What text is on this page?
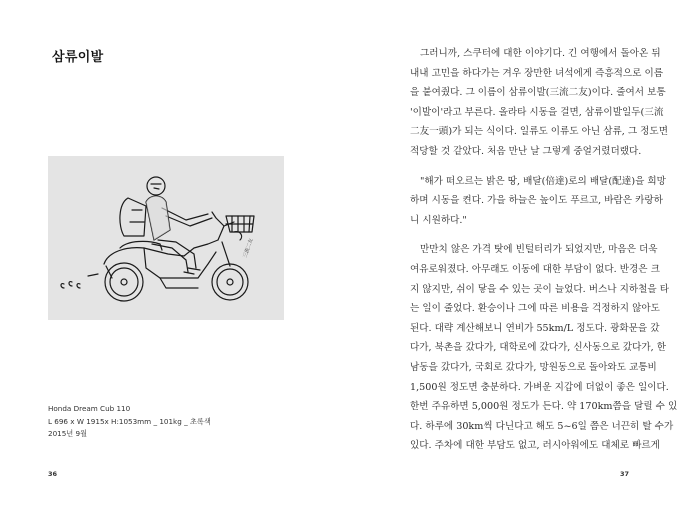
삼류이발
三流二友
Honda Dream Cub 110
L 696 x W 1915x H:1053mm _ 101kg _ 초록색
2015년 9월
36	37
그러니까, 스쿠터에 대한 이야기다. 긴 여행에서 돌아온 뒤
내내 고민을 하다가는 겨우 장만한 녀석에게 즉흥적으로 이름
을 붙여줬다. 그 이름이 삼류이발(三流二友)이다. 줄여서 보통
'이발이'라고 부른다. 올라타 시동을 걸면, 삼류이발일두(三流
二友一頭)가 되는 식이다. 일류도 이류도 아닌 삼류, 그 정도면
적당할 것 같았다. 처음 만난 날 그렇게 중얼거렸더랬다.
"해가 떠오르는 밝은 땅, 배달(倍達)로의 배달(配達)을 희망
하며 시동을 켠다. 가을 하늘은 높이도 푸르고, 바람은 카랑하
니 시원하다."
만만치 않은 가격 탓에 빈털터리가 되었지만, 마음은 더욱
여유로워졌다. 아무래도 이동에 대한 부담이 없다. 반경은 크
지 않지만, 쉬이 닿을 수 있는 곳이 늘었다. 버스나 지하철을 타
는 일이 줄었다. 환승이나 그에 따른 비용을 걱정하지 않아도
된다. 대략 계산해보니 연비가 55km/L 정도다. 광화문을 갔
다가, 북촌을 갔다가, 대학로에 갔다가, 신사동으로 갔다가, 한
남동을 갔다가, 국회로 갔다가, 망원동으로 돌아와도 교통비
1,500원 정도면 충분하다. 가벼운 지갑에 더없이 좋은 일이다.
한번 주유하면 5,000원 정도가 든다. 약 170km쯤을 달릴 수 있
다. 하루에 30km씩 다닌다고 해도 5~6일 쯤은 너끈히 탈 수가
있다. 주차에 대한 부담도 없고, 러시아워에도 대체로 빠르게
